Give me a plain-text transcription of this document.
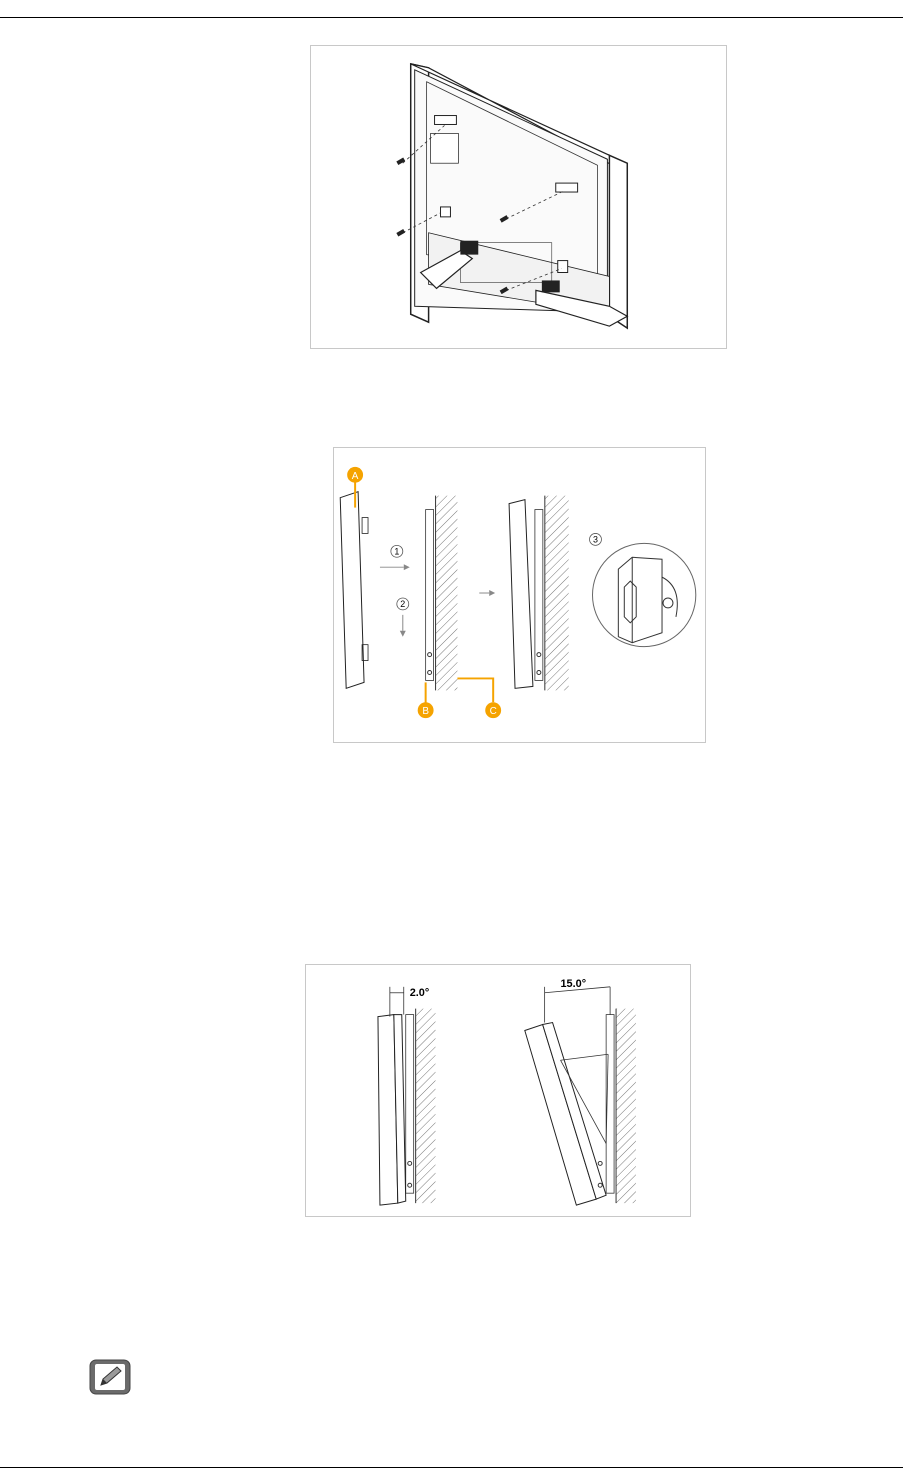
A
1
2
B	C
3
2.0°
15.0°
